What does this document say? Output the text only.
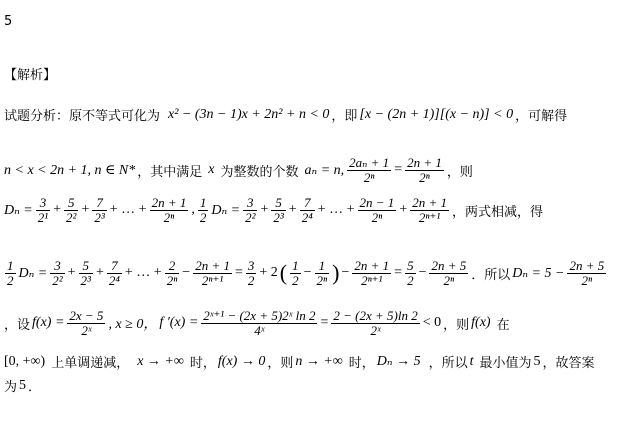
5
【解析】
试题分析：原不等式可化为 x² − (3n − 1)x + 2n² + n < 0 ，即 [x − (2n + 1)][(x − n)] < 0 ，可解得
n < x < 2n + 1, n ∈ N* ，其中满足 x 为整数的个数 aₙ = n, $\frac{\text{2aₙ + 1}}{\text{2ⁿ}} = \frac{2n + 1}{\text{2ⁿ}}$ ，则
$D_n = \frac{3}{\text{2¹}} + \frac{5}{\text{2²}} + \frac{7}{\text{2³}}$ + … + $\frac{2n + 1}{\text{2ⁿ}}$ , $\frac{1}{2}$ $D_n = \frac{3}{\text{2²}} + \frac{5}{\text{2³}} + \frac{7}{\text{2⁴}}$ + … + $\frac{2n - 1}{\text{2ⁿ}} + \frac{2n + 1}{\text{2ⁿ⁺¹}}$ ，两式相减，得
$\frac{1}{2}$ $D_n = \frac{3}{\text{2²}} + \frac{5}{\text{2³}} + \frac{7}{\text{2⁴}}$ + … + $\frac{2}{\text{2ⁿ}} - \frac{2n + 1}{\text{2ⁿ⁺¹}} = \frac{3}{2} + 2$ ( $\frac{1}{2} - \frac{1}{\text{2ⁿ}}$ ) − $\frac{2n + 1}{\text{2ⁿ⁺¹}} = \frac{5}{2} - \frac{2n + 5}{\text{2ⁿ}}$ ．所以 $D_n = 5 - \frac{2n + 5}{\text{2ⁿ}}$
，设 $f(x) = \frac{2x - 5}{\text{2ˣ}}$ , x ≥ 0， f $'(x) = \frac{\text{2ˣ⁺¹ − (2x + 5)2ˣ ln 2}}{\text{4ˣ}} = \frac{2 - (2x + 5)\ln 2}{\text{2ˣ}} < 0$ ，则 f(x) 在
[0, +∞) 上单调递减， x → +∞ 时， f(x) → 0 ，则 n → +∞ 时， Dₙ → 5 ，所以 t 最小值为 5 ，故答案
为 5 ．
